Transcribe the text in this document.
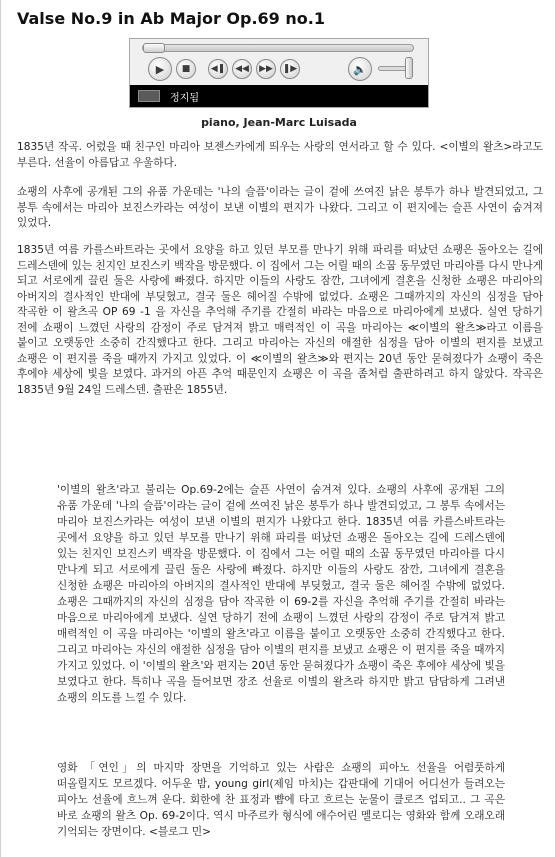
Valse No.9 in Ab Major Op.69 no.1
▶	■	◀❚	◀◀	▶▶	❚▶	🔈
정지됨
piano, Jean-Marc Luisada

1835년 작곡. 어렸을 때 친구인 마리아 보젠스카에게 띄우는 사랑의 연서라고 할 수 있다. <이별의 왈츠>라고도 부른다. 선율이 아름답고 우울하다.

쇼팽의 사후에 공개된 그의 유품 가운데는 '나의 슬픔'이라는 글이 겉에 쓰여진 낡은 봉투가 하나 발견되었고, 그 봉투 속에서는 마리아 보진스카라는 여성이 보낸 이별의 편지가 나왔다. 그리고 이 편지에는 슬픈 사연이 숨겨져 있었다.

1835년 여름 카를스바트라는 곳에서 요양을 하고 있던 부모를 만나기 위해 파리를 떠났던 쇼팽은 돌아오는 길에 드레스덴에 있는 친지인 보진스키 백작을 방문했다. 이 집에서 그는 어릴 때의 소꿉 동무였던 마리아를 다시 만나게 되고 서로에게 끌린 둘은 사랑에 빠졌다. 하지만 이들의 사랑도 잠깐, 그녀에게 결혼을 신청한 쇼팽은 마리아의 아버지의 결사적인 반대에 부딪혔고, 결국 둘은 헤어질 수밖에 없었다. 쇼팽은 그때까지의 자신의 심정을 담아 작곡한 이 왈츠곡 OP 69 -1 을 자신을 추억해 주기를 간절히 바라는 마음으로 마리아에게 보냈다. 실연 당하기 전에 쇼팽이 느꼈던 사랑의 감정이 주로 담겨져 밝고 매력적인 이 곡을 마리아는 ≪이별의 왈츠≫라고 이름을 붙이고 오랫동안 소중히 간직했다고 한다. 그리고 마리아는 자신의 애절한 심정을 담아 이별의 편지를 보냈고 쇼팽은 이 편지를 죽을 때까지 가지고 있었다. 이 ≪이별의 왈츠≫와 편지는 20년 동안 묻혀졌다가 쇼팽이 죽은 후에야 세상에 빛을 보였다. 과거의 아픈 추억 때문인지 쇼팽은 이 곡을 좀처럼 출판하려고 하지 않았다. 작곡은 1835년 9월 24일 드레스덴. 출판은 1855년.

'이별의 왈츠'라고 불리는 Op.69-2에는 슬픈 사연이 숨겨져 있다. 쇼팽의 사후에 공개된 그의 유품 가운데 '나의 슬픔'이라는 글이 겉에 쓰여진 낡은 봉투가 하나 발견되었고, 그 봉투 속에서는 마리아 보진스카라는 여성이 보낸 이별의 편지가 나왔다고 한다. 1835년 여름 카를스바트라는 곳에서 요양을 하고 있던 부모를 만나기 위해 파리를 떠났던 쇼팽은 돌아오는 길에 드레스덴에 있는 친지인 보진스키 백작을 방문했다. 이 집에서 그는 어릴 때의 소꿉 동무였던 마리아를 다시 만나게 되고 서로에게 끌린 둘은 사랑에 빠졌다. 하지만 이들의 사랑도 잠깐, 그녀에게 결혼을 신청한 쇼팽은 마리아의 아버지의 결사적인 반대에 부딪혔고, 결국 둘은 헤어질 수밖에 없었다. 쇼팽은 그때까지의 자신의 심정을 담아 작곡한 이 69-2를 자신을 추억해 주기를 간절히 바라는 마음으로 마리아에게 보냈다. 실연 당하기 전에 쇼팽이 느꼈던 사랑의 감정이 주로 담겨져 밝고 매력적인 이 곡을 마리아는 '이별의 왈츠'라고 이름을 붙이고 오랫동안 소중히 간직했다고 한다. 그리고 마리아는 자신의 애절한 심정을 담아 이별의 편지를 보냈고 쇼팽은 이 편지를 죽을 때까지 가지고 있었다. 이 '이별의 왈츠'와 편지는 20년 동안 묻혀졌다가 쇼팽이 죽은 후에야 세상에 빛을 보였다고 한다. 특히나 곡을 들어보면 장조 선율로 이별의 왈츠라 하지만 밝고 담담하게 그려낸 쇼팽의 의도를 느낄 수 있다.

영화 「연인」의 마지막 장면을 기억하고 있는 사람은 쇼팽의 피아노 선율을 어렴풋하게 떠올릴지도 모르겠다. 어두운 밤, young girl(제임 마치)는 갑판대에 기대어 어디선가 들려오는 피아노 선율에 흐느껴 운다. 회한에 찬 표정과 뺨에 타고 흐르는 눈물이 클로즈 업되고.. 그 곡은 바로 쇼팽의 왈츠 Op. 69-2이다. 역시 마주르카 형식에 애수어린 멜로디는 영화와 함께 오래오래 기억되는 장면이다. <블로그 민>
